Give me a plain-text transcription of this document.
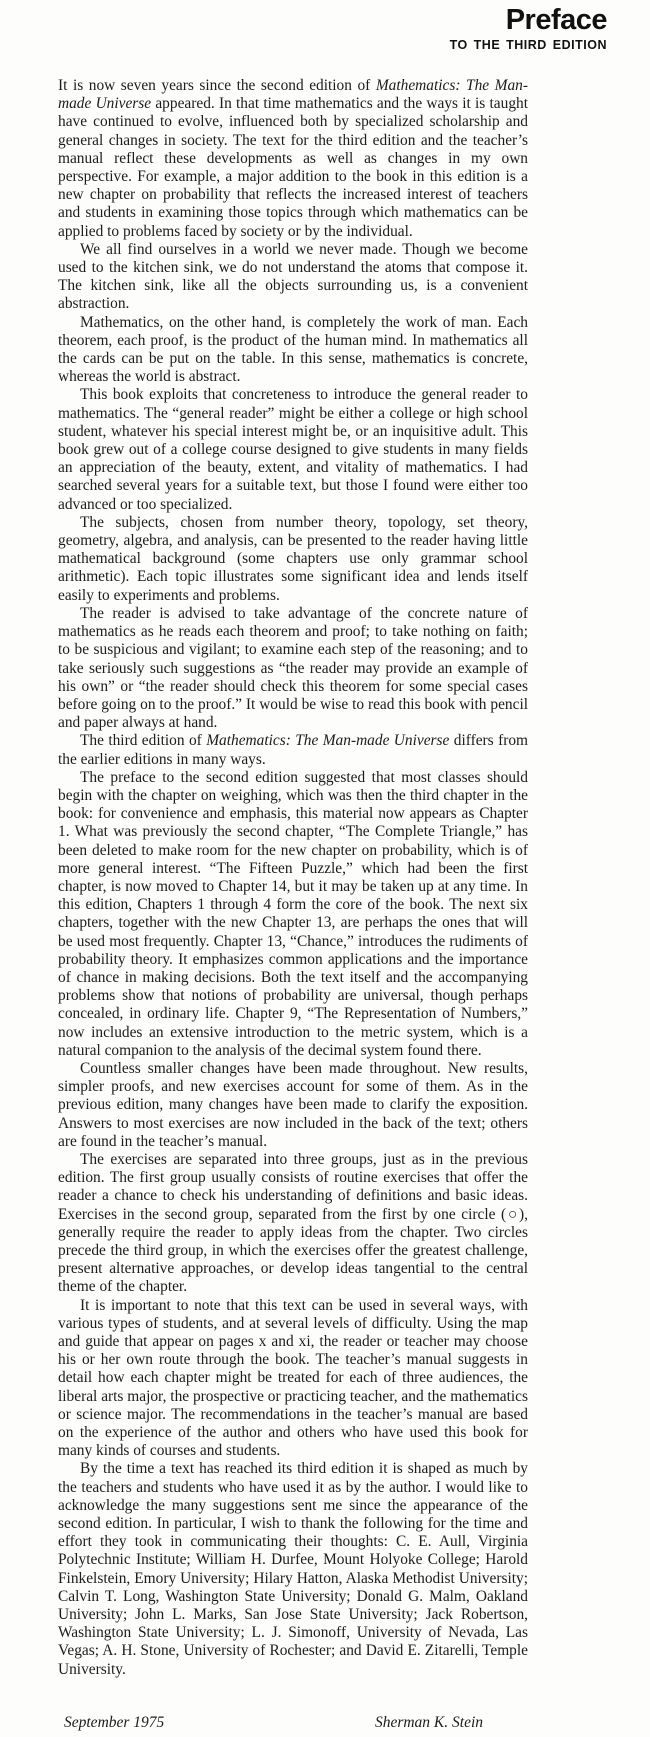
Preface
TO THE THIRD EDITION

It is now seven years since the second edition of Mathematics: The Man-made Universe appeared. In that time mathematics and the ways it is taught have continued to evolve, influenced both by specialized scholarship and general changes in society. The text for the third edition and the teacher’s manual reflect these developments as well as changes in my own perspective. For example, a major addition to the book in this edition is a new chapter on probability that reflects the increased interest of teachers and students in examining those topics through which mathematics can be applied to problems faced by society or by the individual.

We all find ourselves in a world we never made. Though we become used to the kitchen sink, we do not understand the atoms that compose it. The kitchen sink, like all the objects surrounding us, is a convenient abstraction.

Mathematics, on the other hand, is completely the work of man. Each theorem, each proof, is the product of the human mind. In mathematics all the cards can be put on the table. In this sense, mathematics is concrete, whereas the world is abstract.

This book exploits that concreteness to introduce the general reader to mathematics. The “general reader” might be either a college or high school student, whatever his special interest might be, or an inquisitive adult. This book grew out of a college course designed to give students in many fields an appreciation of the beauty, extent, and vitality of mathematics. I had searched several years for a suitable text, but those I found were either too advanced or too specialized.

The subjects, chosen from number theory, topology, set theory, geometry, algebra, and analysis, can be presented to the reader having little mathematical background (some chapters use only grammar school arithmetic). Each topic illustrates some significant idea and lends itself easily to experiments and problems.

The reader is advised to take advantage of the concrete nature of mathematics as he reads each theorem and proof; to take nothing on faith; to be suspicious and vigilant; to examine each step of the reasoning; and to take seriously such suggestions as “the reader may provide an example of his own” or “the reader should check this theorem for some special cases before going on to the proof.” It would be wise to read this book with pencil and paper always at hand.

The third edition of Mathematics: The Man-made Universe differs from the earlier editions in many ways.

The preface to the second edition suggested that most classes should begin with the chapter on weighing, which was then the third chapter in the book: for convenience and emphasis, this material now appears as Chapter 1. What was previously the second chapter, “The Complete Triangle,” has been deleted to make room for the new chapter on probability, which is of more general interest. “The Fifteen Puzzle,” which had been the first chapter, is now moved to Chapter 14, but it may be taken up at any time. In this edition, Chapters 1 through 4 form the core of the book. The next six chapters, together with the new Chapter 13, are perhaps the ones that will be used most frequently. Chapter 13, “Chance,” introduces the rudiments of probability theory. It emphasizes common applications and the importance of chance in making decisions. Both the text itself and the accompanying problems show that notions of probability are universal, though perhaps concealed, in ordinary life. Chapter 9, “The Representation of Numbers,” now includes an extensive introduction to the metric system, which is a natural companion to the analysis of the decimal system found there.

Countless smaller changes have been made throughout. New results, simpler proofs, and new exercises account for some of them. As in the previous edition, many changes have been made to clarify the exposition. Answers to most exercises are now included in the back of the text; others are found in the teacher’s manual.

The exercises are separated into three groups, just as in the previous edition. The first group usually consists of routine exercises that offer the reader a chance to check his understanding of definitions and basic ideas. Exercises in the second group, separated from the first by one circle (○), generally require the reader to apply ideas from the chapter. Two circles precede the third group, in which the exercises offer the greatest challenge, present alternative approaches, or develop ideas tangential to the central theme of the chapter.

It is important to note that this text can be used in several ways, with various types of students, and at several levels of difficulty. Using the map and guide that appear on pages x and xi, the reader or teacher may choose his or her own route through the book. The teacher’s manual suggests in detail how each chapter might be treated for each of three audiences, the liberal arts major, the prospective or practicing teacher, and the mathematics or science major. The recommendations in the teacher’s manual are based on the experience of the author and others who have used this book for many kinds of courses and students.

By the time a text has reached its third edition it is shaped as much by the teachers and students who have used it as by the author. I would like to acknowledge the many suggestions sent me since the appearance of the second edition. In particular, I wish to thank the following for the time and effort they took in communicating their thoughts: C. E. Aull, Virginia Polytechnic Institute; William H. Durfee, Mount Holyoke College; Harold Finkelstein, Emory University; Hilary Hatton, Alaska Methodist University; Calvin T. Long, Washington State University; Donald G. Malm, Oakland University; John L. Marks, San Jose State University; Jack Robertson, Washington State University; L. J. Simonoff, University of Nevada, Las Vegas; A. H. Stone, University of Rochester; and David E. Zitarelli, Temple University.

September 1975	Sherman K. Stein
